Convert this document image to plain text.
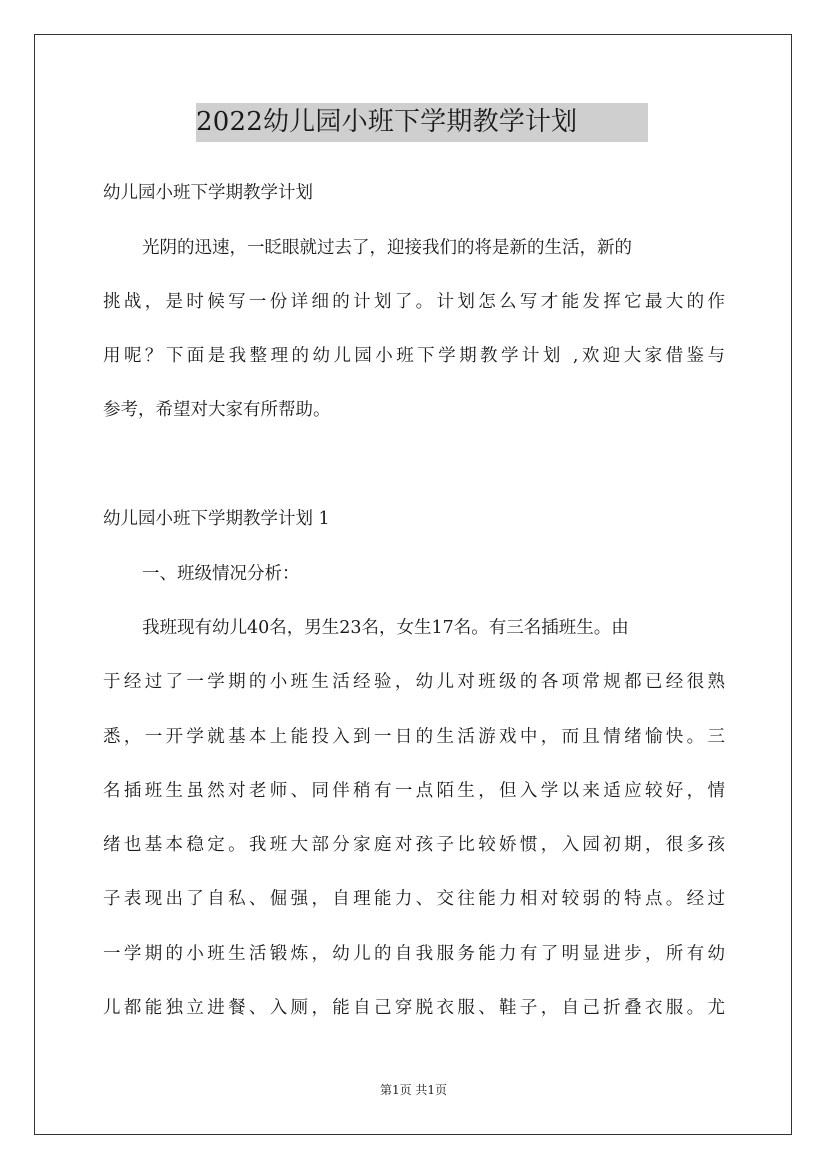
2022幼儿园小班下学期教学计划
幼儿园小班下学期教学计划
光阴的迅速，一眨眼就过去了，迎接我们的将是新的生活，新的
挑战，是时候写一份详细的计划了。计划怎么写才能发挥它最大的作
用呢？下面是我整理的幼儿园小班下学期教学计划 ,欢迎大家借鉴与
参考，希望对大家有所帮助。
幼儿园小班下学期教学计划 1
一、班级情况分析：
我班现有幼儿40名，男生23名，女生17名。有三名插班生。由
于经过了一学期的小班生活经验，幼儿对班级的各项常规都已经很熟
悉，一开学就基本上能投入到一日的生活游戏中，而且情绪愉快。三
名插班生虽然对老师、同伴稍有一点陌生，但入学以来适应较好，情
绪也基本稳定。我班大部分家庭对孩子比较娇惯，入园初期，很多孩
子表现出了自私、倔强，自理能力、交往能力相对较弱的特点。经过
一学期的小班生活锻炼，幼儿的自我服务能力有了明显进步，所有幼
儿都能独立进餐、入厕，能自己穿脱衣服、鞋子，自己折叠衣服。尤
第1页 共1页
